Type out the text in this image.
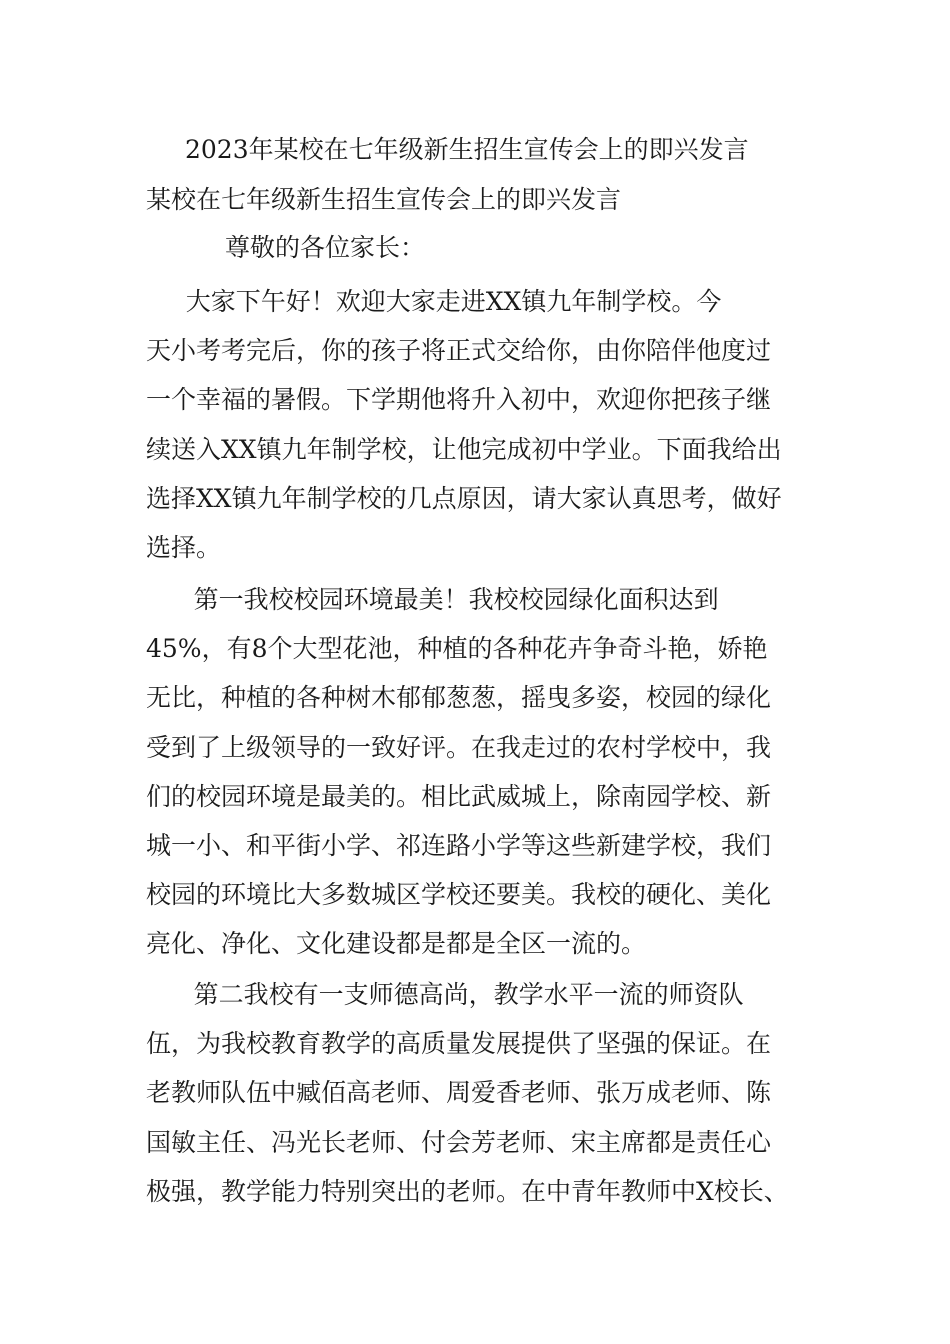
2023年某校在七年级新生招生宣传会上的即兴发言
某校在七年级新生招生宣传会上的即兴发言

尊敬的各位家长：

大家下午好！欢迎大家走进XX镇九年制学校。今
天小考考完后，你的孩子将正式交给你，由你陪伴他度过
一个幸福的暑假。下学期他将升入初中，欢迎你把孩子继
续送入XX镇九年制学校，让他完成初中学业。下面我给出
选择XX镇九年制学校的几点原因，请大家认真思考，做好
选择。
第一我校校园环境最美！我校校园绿化面积达到
45%，有8个大型花池，种植的各种花卉争奇斗艳，娇艳
无比，种植的各种树木郁郁葱葱，摇曳多姿，校园的绿化
受到了上级领导的一致好评。在我走过的农村学校中，我
们的校园环境是最美的。相比武威城上，除南园学校、新
城一小、和平街小学、祁连路小学等这些新建学校，我们
校园的环境比大多数城区学校还要美。我校的硬化、美化
亮化、净化、文化建设都是都是全区一流的。
第二我校有一支师德高尚，教学水平一流的师资队
伍，为我校教育教学的高质量发展提供了坚强的保证。在
老教师队伍中臧佰高老师、周爱香老师、张万成老师、陈
国敏主任、冯光长老师、付会芳老师、宋主席都是责任心
极强，教学能力特别突出的老师。在中青年教师中X校长、
